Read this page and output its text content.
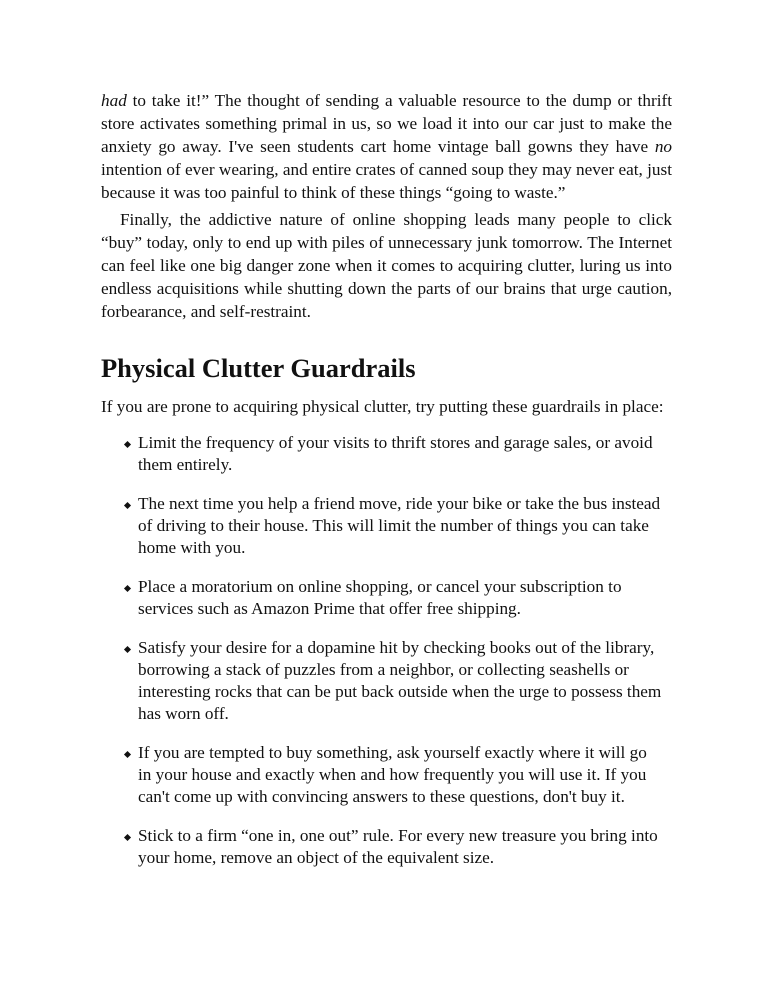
had to take it!” The thought of sending a valuable resource to the dump or thrift store activates something primal in us, so we load it into our car just to make the anxiety go away. I've seen students cart home vintage ball gowns they have no intention of ever wearing, and entire crates of canned soup they may never eat, just because it was too painful to think of these things “going to waste.”

Finally, the addictive nature of online shopping leads many people to click “buy” today, only to end up with piles of unnecessary junk tomorrow. The Internet can feel like one big danger zone when it comes to acquiring clutter, luring us into endless acquisitions while shutting down the parts of our brains that urge caution, forbearance, and self-restraint.

Physical Clutter Guardrails

If you are prone to acquiring physical clutter, try putting these guardrails in place:

Limit the frequency of your visits to thrift stores and garage sales, or avoid them entirely.
The next time you help a friend move, ride your bike or take the bus instead of driving to their house. This will limit the number of things you can take home with you.
Place a moratorium on online shopping, or cancel your subscription to services such as Amazon Prime that offer free shipping.
Satisfy your desire for a dopamine hit by checking books out of the library, borrowing a stack of puzzles from a neighbor, or collecting seashells or interesting rocks that can be put back outside when the urge to possess them has worn off.
If you are tempted to buy something, ask yourself exactly where it will go in your house and exactly when and how frequently you will use it. If you can't come up with convincing answers to these questions, don't buy it.
Stick to a firm “one in, one out” rule. For every new treasure you bring into your home, remove an object of the equivalent size.
